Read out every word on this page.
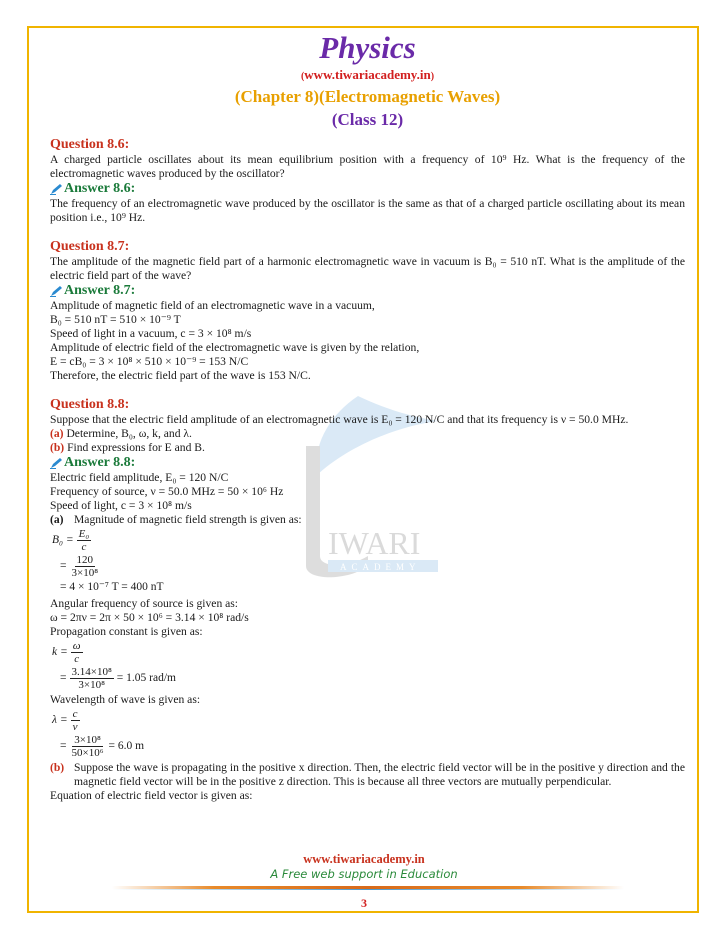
IWARI
ACADEMY
Physics
(www.tiwariacademy.in)
(Chapter 8)(Electromagnetic Waves)
(Class 12)
Question 8.6:

A charged particle oscillates about its mean equilibrium position with a frequency of 10⁹ Hz. What is the frequency of the electromagnetic waves produced by the oscillator?

Answer 8.6:

The frequency of an electromagnetic wave produced by the oscillator is the same as that of a charged particle oscillating about its mean position i.e., 10⁹ Hz.

Question 8.7:

The amplitude of the magnetic field part of a harmonic electromagnetic wave in vacuum is B₀ = 510 nT. What is the amplitude of the electric field part of the wave?

Answer 8.7:

Amplitude of magnetic field of an electromagnetic wave in a vacuum,

B₀ = 510 nT = 510 × 10⁻⁹ T

Speed of light in a vacuum, c = 3 × 10⁸ m/s

Amplitude of electric field of the electromagnetic wave is given by the relation,

E = cB₀ = 3 × 10⁸ × 510 × 10⁻⁹ = 153 N/C

Therefore, the electric field part of the wave is 153 N/C.

Question 8.8:

Suppose that the electric field amplitude of an electromagnetic wave is E₀ = 120 N/C and that its frequency is ν = 50.0 MHz.

(a) Determine, B₀, ω, k, and λ.

(b) Find expressions for E and B.

Answer 8.8:

Electric field amplitude, E₀ = 120 N/C

Frequency of source, ν = 50.0 MHz = 50 × 10⁶ Hz

Speed of light, c = 3 × 10⁸ m/s

(a) Magnitude of magnetic field strength is given as:
$B_0 = \frac{\text{E₀}}{c}$
= $\frac{120}{\text{3×10⁸}}$
= 4 × 10⁻⁷ T = 400 nT

Angular frequency of source is given as:

ω = 2πν = 2π × 50 × 10⁶ = 3.14 × 10⁸ rad/s

Propagation constant is given as:

$k = \frac{\omega}{c}$
= $\frac{\text{3.14×10⁸}}{\text{3×10⁸}} = 1.05$ rad/m

Wavelength of wave is given as:

$\lambda = \frac{c}{\nu}$
= $\frac{\text{3×10⁸}}{\text{50×10⁶}} = 6.0$ m
(b) Suppose the wave is propagating in the positive x direction. Then, the electric field vector will be in the positive y direction and the magnetic field vector will be in the positive z direction. This is because all three vectors are mutually perpendicular.

Equation of electric field vector is given as:

www.tiwariacademy.in
A Free web support in Education
3
